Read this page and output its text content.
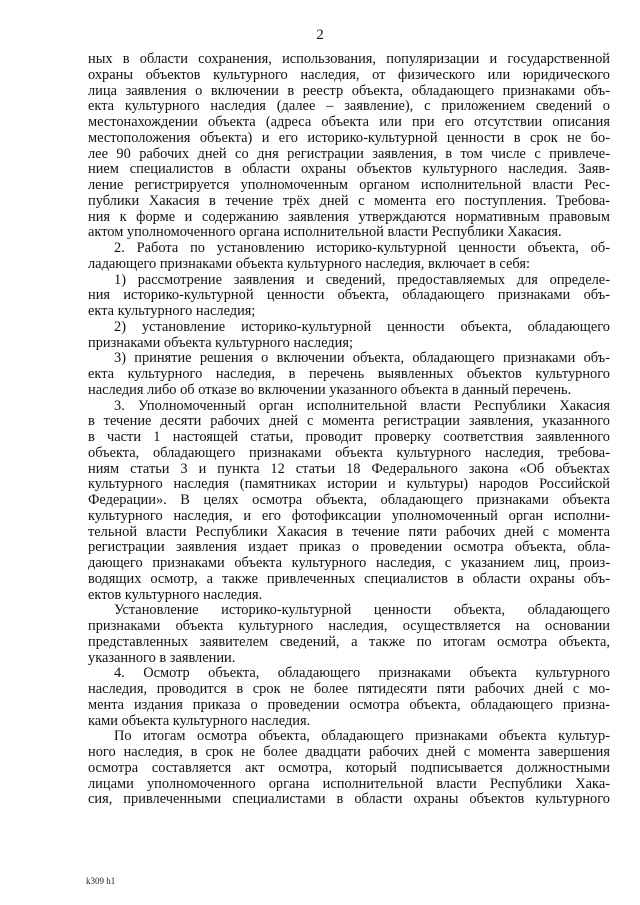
2
ных в области сохранения, использования, популяризации и государственной
охраны объектов культурного наследия, от физического или юридического
лица заявления о включении в реестр объекта, обладающего признаками объ-
екта культурного наследия (далее – заявление), с приложением сведений о
местонахождении объекта (адреса объекта или при его отсутствии описания
местоположения объекта) и его историко-культурной ценности в срок не бо-
лее 90 рабочих дней со дня регистрации заявления, в том числе с привлече-
нием специалистов в области охраны объектов культурного наследия. Заяв-
ление регистрируется уполномоченным органом исполнительной власти Рес-
публики Хакасия в течение трёх дней с момента его поступления. Требова-
ния к форме и содержанию заявления утверждаются нормативным правовым
актом уполномоченного органа исполнительной власти Республики Хакасия.
2. Работа по установлению историко-культурной ценности объекта, об-
ладающего признаками объекта культурного наследия, включает в себя:
1) рассмотрение заявления и сведений, предоставляемых для определе-
ния историко-культурной ценности объекта, обладающего признаками объ-
екта культурного наследия;
2) установление историко-культурной ценности объекта, обладающего
признаками объекта культурного наследия;
3) принятие решения о включении объекта, обладающего признаками объ-
екта культурного наследия, в перечень выявленных объектов культурного
наследия либо об отказе во включении указанного объекта в данный перечень.
3. Уполномоченный орган исполнительной власти Республики Хакасия
в течение десяти рабочих дней с момента регистрации заявления, указанного
в части 1 настоящей статьи, проводит проверку соответствия заявленного
объекта, обладающего признаками объекта культурного наследия, требова-
ниям статьи 3 и пункта 12 статьи 18 Федерального закона «Об объектах
культурного наследия (памятниках истории и культуры) народов Российской
Федерации». В целях осмотра объекта, обладающего признаками объекта
культурного наследия, и его фотофиксации уполномоченный орган исполни-
тельной власти Республики Хакасия в течение пяти рабочих дней с момента
регистрации заявления издает приказ о проведении осмотра объекта, обла-
дающего признаками объекта культурного наследия, с указанием лиц, произ-
водящих осмотр, а также привлеченных специалистов в области охраны объ-
ектов культурного наследия.
Установление историко-культурной ценности объекта, обладающего
признаками объекта культурного наследия, осуществляется на основании
представленных заявителем сведений, а также по итогам осмотра объекта,
указанного в заявлении.
4. Осмотр объекта, обладающего признаками объекта культурного
наследия, проводится в срок не более пятидесяти пяти рабочих дней с мо-
мента издания приказа о проведении осмотра объекта, обладающего призна-
ками объекта культурного наследия.
По итогам осмотра объекта, обладающего признаками объекта культур-
ного наследия, в срок не более двадцати рабочих дней с момента завершения
осмотра составляется акт осмотра, который подписывается должностными
лицами уполномоченного органа исполнительной власти Республики Хака-
сия, привлеченными специалистами в области охраны объектов культурного
k309 h1
